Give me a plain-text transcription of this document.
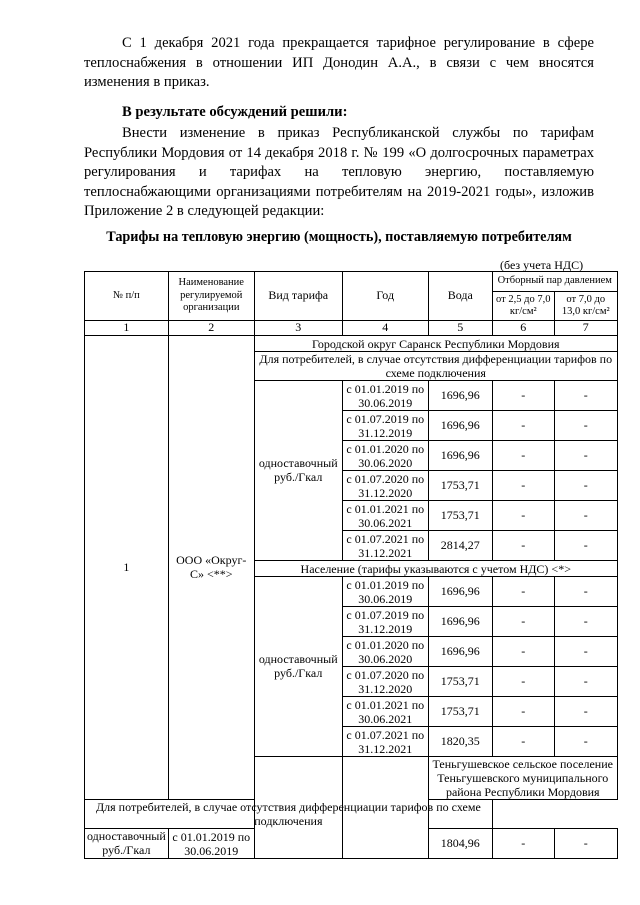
С 1 декабря 2021 года прекращается тарифное регулирование в сфере теплоснабжения в отношении ИП Донодин А.А., в связи с чем вносятся изменения в приказ.
В результате обсуждений решили:
Внести изменение в приказ Республиканской службы по тарифам Республики Мордовия от 14 декабря 2018 г. № 199 «О долгосрочных параметрах регулирования и тарифах на тепловую энергию, поставляемую теплоснабжающими организациями потребителям на 2019-2021 годы», изложив Приложение 2 в следующей редакции:
Тарифы на тепловую энергию (мощность), поставляемую потребителям
(без учета НДС)
№ п/п	Наименование регулируемой организации	Вид тарифа	Год	Вода	Отборный пар давлением	
					от 2,5 до 7,0 кг/см²	от 7,0 до 13,0 кг/см²
1	2	3	4	5	6	7
1	ООО «Округ-С» <**>	Городской округ Саранск Республики Мордовия				
		Для потребителей, в случае отсутствия дифференциации тарифов по схеме подключения				
		одноставочный руб./Гкал	с 01.01.2019 по 30.06.2019	1696,96	-	-
			с 01.07.2019 по 31.12.2019	1696,96	-	-
			с 01.01.2020 по 30.06.2020	1696,96	-	-
			с 01.07.2020 по 31.12.2020	1753,71	-	-
			с 01.01.2021 по 30.06.2021	1753,71	-	-
			с 01.07.2021 по 31.12.2021	2814,27	-	-
		Население (тарифы указываются с учетом НДС) <*>				
		одноставочный руб./Гкал	с 01.01.2019 по 30.06.2019	1696,96	-	-
			с 01.07.2019 по 31.12.2019	1696,96	-	-
			с 01.01.2020 по 30.06.2020	1696,96	-	-
			с 01.07.2020 по 31.12.2020	1753,71	-	-
			с 01.01.2021 по 30.06.2021	1753,71	-	-
			с 01.07.2021 по 31.12.2021	1820,35	-	-
				Теньгушевское сельское поселение Теньгушевского муниципального района Республики Мордовия		
Для потребителей, в случае отсутствия дифференциации тарифов по схеме подключения						
одноставочный руб./Гкал	с 01.01.2019 по 30.06.2019			1804,96	-	-
